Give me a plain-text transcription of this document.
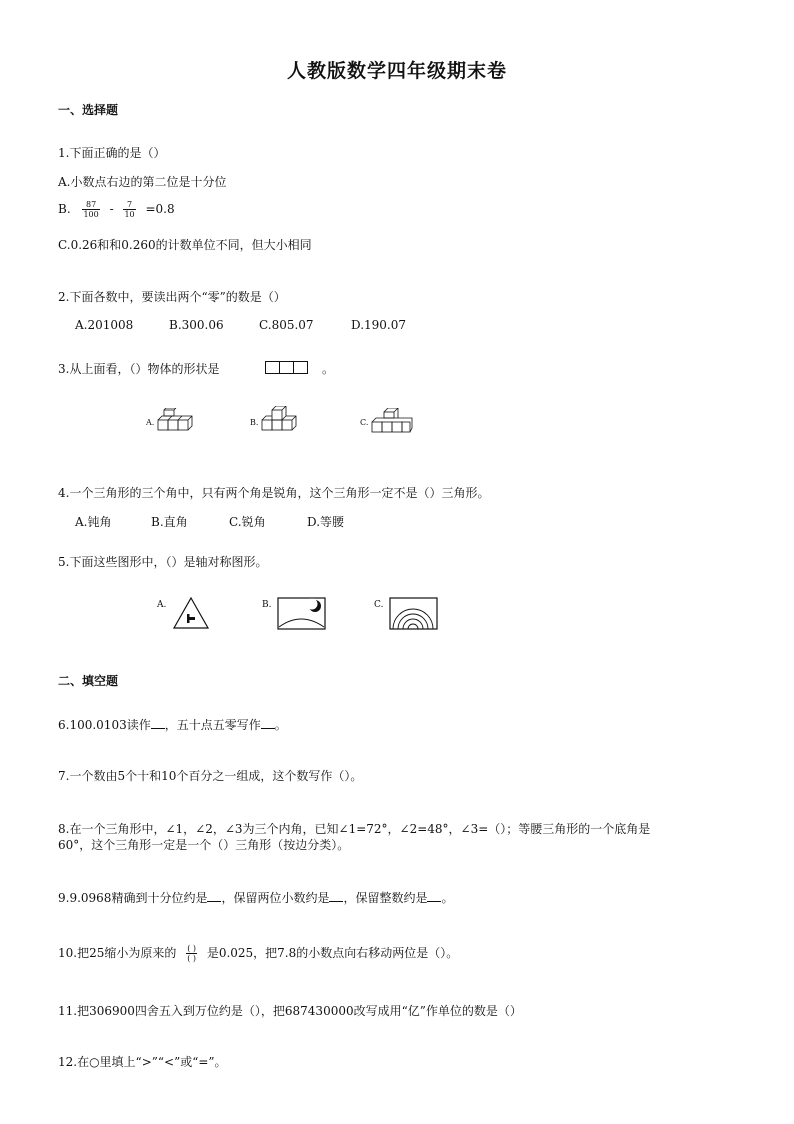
人教版数学四年级期末卷
一、选择题
1.下面正确的是（）
A.小数点右边的第二位是十分位
B. $\frac{87}{100} - \frac{7}{10} =0.8$
C.0.26和和0.260的计数单位不同，但大小相同
2.下面各数中，要读出两个“零”的数是（）
A.201008	B.300.06	C.805.07	D.190.07
3.从上面看，（）物体的形状是	。
A.	B.	C.
4.一个三角形的三个角中，只有两个角是锐角，这个三角形一定不是（）三角形。
A.钝角	B.直角	C.锐角	D.等腰
5.下面这些图形中，（）是轴对称图形。
A.	B.	C.
二、填空题
6.100.0103读作 ，五十点五零写作 。
7.一个数由5个十和10个百分之一组成，这个数写作（）。
8.在一个三角形中，∠1，∠2，∠3为三个内角，已知∠1=72°，∠2=48°，∠3=（）；等腰三角形的一个底角是
60°，这个三角形一定是一个（）三角形（按边分类）。
9.9.0968精确到十分位约是 ，保留两位小数约是 ，保留整数约是 。
10.把25缩小为原来的 $\frac{( )}{( )}$ 是0.025，把7.8的小数点向右移动两位是（）。
11.把306900四舍五入到万位约是（），把687430000改写成用“亿”作单位的数是（）
12.在○里填上“>”“<”或“=”。
